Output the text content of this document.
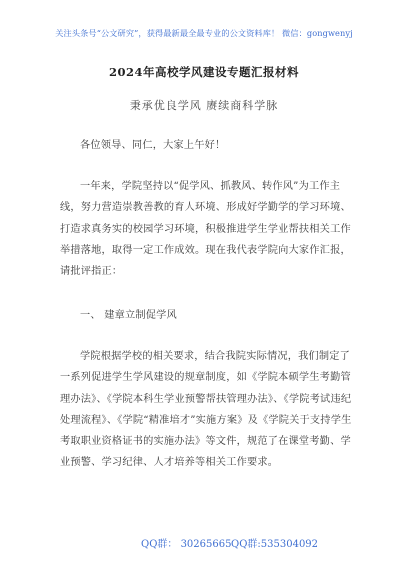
关注头条号“公文研究”，获得最新最全最专业的公文资料库！ 微信：gongwenyj
2024年高校学风建设专题汇报材料
秉承优良学风 赓续商科学脉
各位领导、同仁，大家上午好！
一年来，学院坚持以“促学风、抓教风、转作风”为工作主线，努力营造崇教善教的育人环境、形成好学勤学的学习环境、打造求真务实的校园学习环境，积极推进学生学业帮扶相关工作举措落地，取得一定工作成效。现在我代表学院向大家作汇报，请批评指正：
一、 建章立制促学风
学院根据学校的相关要求，结合我院实际情况，我们制定了一系列促进学生学风建设的规章制度，如《学院本硕学生考勤管理办法》、《学院本科生学业预警帮扶管理办法》、《学院考试违纪处理流程》、《学院“精准培才”实施方案》及《学院关于支持学生考取职业资格证书的实施办法》等文件，规范了在课堂考勤、学业预警、学习纪律、人才培养等相关工作要求。
QQ群： 30265665 QQ群:535304092
